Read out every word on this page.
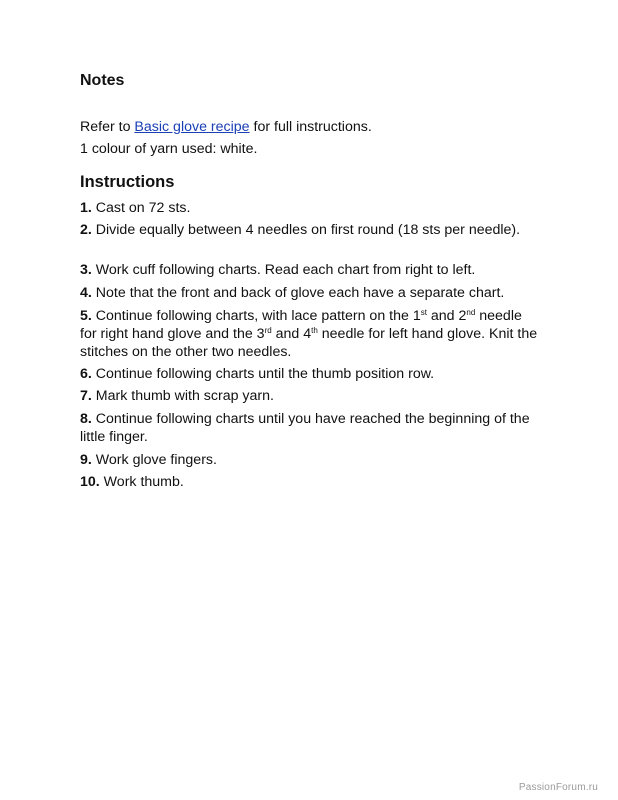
Notes

Refer to Basic glove recipe for full instructions.

1 colour of yarn used: white.

Instructions

1. Cast on 72 sts.

2. Divide equally between 4 needles on first round (18 sts per needle).

3. Work cuff following charts. Read each chart from right to left.

4. Note that the front and back of glove each have a separate chart.

5. Continue following charts, with lace pattern on the 1st and 2nd needle for right hand glove and the 3rd and 4th needle for left hand glove. Knit the stitches on the other two needles.

6. Continue following charts until the thumb position row.

7. Mark thumb with scrap yarn.

8. Continue following charts until you have reached the beginning of the little finger.

9. Work glove fingers.

10. Work thumb.

PassionForum.ru
